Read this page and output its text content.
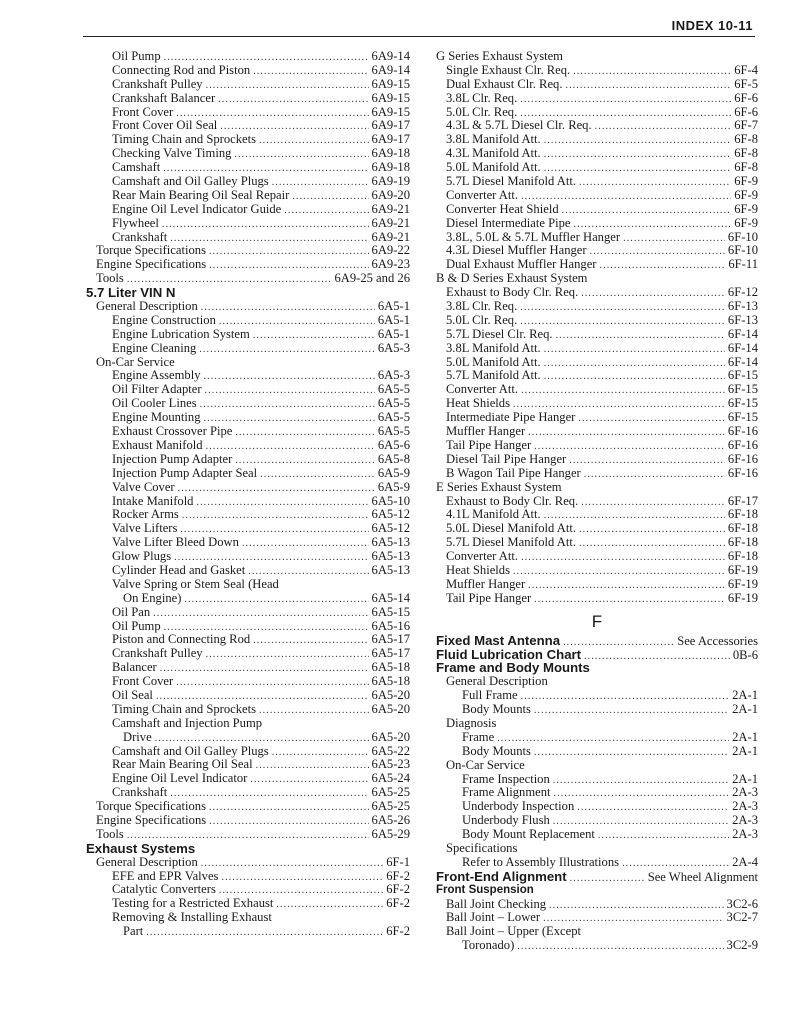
INDEX 10-11
Oil Pump .....	6A9-14
Connecting Rod and Piston .....	6A9-14
Crankshaft Pulley .....	6A9-15
Crankshaft Balancer .....	6A9-15
Front Cover .....	6A9-15
Front Cover Oil Seal .....	6A9-17
Timing Chain and Sprockets .....	6A9-17
Checking Valve Timing .....	6A9-18
Camshaft .....	6A9-18
Camshaft and Oil Galley Plugs .....	6A9-19
Rear Main Bearing Oil Seal Repair .....	6A9-20
Engine Oil Level Indicator Guide .....	6A9-21
Flywheel .....	6A9-21
Crankshaft .....	6A9-21
Torque Specifications .....	6A9-22
Engine Specifications .....	6A9-23
Tools .....	6A9-25 and 26
5.7 Liter VIN N
General Description .....	6A5-1
Engine Construction .....	6A5-1
Engine Lubrication System .....	6A5-1
Engine Cleaning .....	6A5-3
On-Car Service
Engine Assembly .....	6A5-3
Oil Filter Adapter .....	6A5-5
Oil Cooler Lines .....	6A5-5
Engine Mounting .....	6A5-5
Exhaust Crossover Pipe .....	6A5-5
Exhaust Manifold .....	6A5-6
Injection Pump Adapter .....	6A5-8
Injection Pump Adapter Seal .....	6A5-9
Valve Cover .....	6A5-9
Intake Manifold .....	6A5-10
Rocker Arms .....	6A5-12
Valve Lifters .....	6A5-12
Valve Lifter Bleed Down .....	6A5-13
Glow Plugs .....	6A5-13
Cylinder Head and Gasket .....	6A5-13
Valve Spring or Stem Seal (Head
On Engine) .....	6A5-14
Oil Pan .....	6A5-15
Oil Pump .....	6A5-16
Piston and Connecting Rod .....	6A5-17
Crankshaft Pulley .....	6A5-17
Balancer .....	6A5-18
Front Cover .....	6A5-18
Oil Seal .....	6A5-20
Timing Chain and Sprockets .....	6A5-20
Camshaft and Injection Pump
Drive .....	6A5-20
Camshaft and Oil Galley Plugs .....	6A5-22
Rear Main Bearing Oil Seal .....	6A5-23
Engine Oil Level Indicator .....	6A5-24
Crankshaft .....	6A5-25
Torque Specifications .....	6A5-25
Engine Specifications .....	6A5-26
Tools .....	6A5-29
Exhaust Systems
General Description .....	6F-1
EFE and EPR Valves .....	6F-2
Catalytic Converters .....	6F-2
Testing for a Restricted Exhaust .....	6F-2
Removing & Installing Exhaust
Part .....	6F-2
G Series Exhaust System
Single Exhaust Clr. Req. .....	6F-4
Dual Exhaust Clr. Req. .....	6F-5
3.8L Clr. Req. .....	6F-6
5.0L Clr. Req. .....	6F-6
4.3L & 5.7L Diesel Clr. Req. .....	6F-7
3.8L Manifold Att. .....	6F-8
4.3L Manifold Att. .....	6F-8
5.0L Manifold Att. .....	6F-8
5.7L Diesel Manifold Att. .....	6F-9
Converter Att. .....	6F-9
Converter Heat Shield .....	6F-9
Diesel Intermediate Pipe .....	6F-9
3.8L, 5.0L & 5.7L Muffler Hanger .....	6F-10
4.3L Diesel Muffler Hanger .....	6F-10
Dual Exhaust Muffler Hanger .....	6F-11
B & D Series Exhaust System
Exhaust to Body Clr. Req. .....	6F-12
3.8L Clr. Req. .....	6F-13
5.0L Clr. Req. .....	6F-13
5.7L Diesel Clr. Req. .....	6F-14
3.8L Manifold Att. .....	6F-14
5.0L Manifold Att. .....	6F-14
5.7L Manifold Att. .....	6F-15
Converter Att. .....	6F-15
Heat Shields .....	6F-15
Intermediate Pipe Hanger .....	6F-15
Muffler Hanger .....	6F-16
Tail Pipe Hanger .....	6F-16
Diesel Tail Pipe Hanger .....	6F-16
B Wagon Tail Pipe Hanger .....	6F-16
E Series Exhaust System
Exhaust to Body Clr. Req. .....	6F-17
4.1L Manifold Att. .....	6F-18
5.0L Diesel Manifold Att. .....	6F-18
5.7L Diesel Manifold Att. .....	6F-18
Converter Att. .....	6F-18
Heat Shields .....	6F-19
Muffler Hanger .....	6F-19
Tail Pipe Hanger .....	6F-19
F
Fixed Mast Antenna .....	See Accessories
Fluid Lubrication Chart .....	0B-6
Frame and Body Mounts
General Description
Full Frame .....	2A-1
Body Mounts .....	2A-1
Diagnosis
Frame .....	2A-1
Body Mounts .....	2A-1
On-Car Service
Frame Inspection .....	2A-1
Frame Alignment .....	2A-3
Underbody Inspection .....	2A-3
Underbody Flush .....	2A-3
Body Mount Replacement .....	2A-3
Specifications
Refer to Assembly Illustrations .....	2A-4
Front-End Alignment .....	See Wheel Alignment
Front Suspension
Ball Joint Checking .....	3C2-6
Ball Joint – Lower .....	3C2-7
Ball Joint – Upper (Except
Toronado) .....	3C2-9
